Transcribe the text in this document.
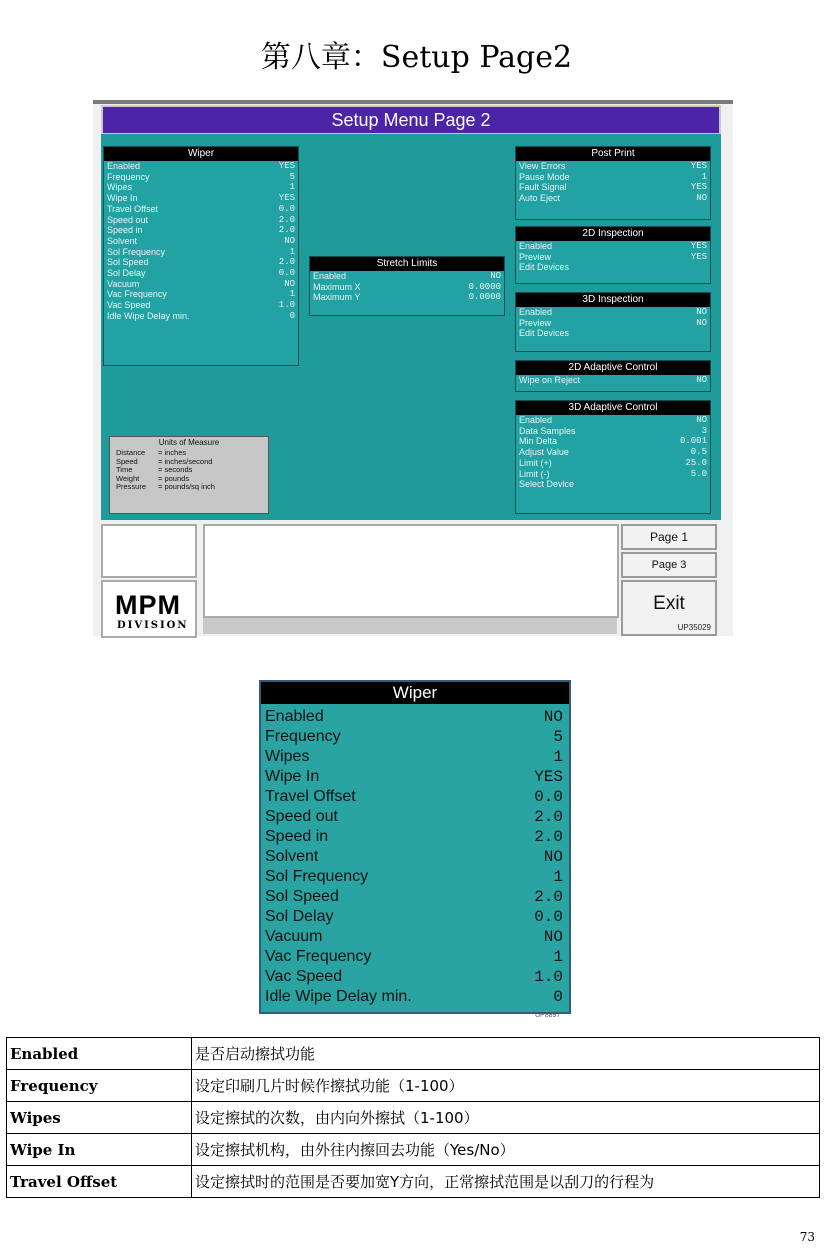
第八章：Setup Page2
Setup Menu Page 2
Wiper
Enabled	YES
Frequency	5
Wipes	1
Wipe In	YES
Travel Offset	0.0
Speed out	2.0
Speed in	2.0
Solvent	NO
Sol Frequency	1
Sol Speed	2.0
Sol Delay	0.0
Vacuum	NO
Vac Frequency	1
Vac Speed	1.0
Idle Wipe Delay min.	0
Stretch Limits
Enabled	NO
Maximum X	0.0000
Maximum Y	0.0000
Post Print
View Errors	YES
Pause Mode	1
Fault Signal	YES
Auto Eject	NO
2D Inspection
Enabled	YES
Preview	YES
Edit Devices
3D Inspection
Enabled	NO
Preview	NO
Edit Devices
2D Adaptive Control
Wipe on Reject	NO
3D Adaptive Control
Enabled	NO
Data Samples	3
Min Delta	0.001
Adjust Value	0.5
Limit (+)	25.0
Limit (-)	5.0
Select Device
Units of Measure
Distance	= inches
Speed	= inches/second
Time	= seconds
Weight	= pounds
Pressure	= pounds/sq inch
MPM
DIVISION
Page 1
Page 3
Exit
UP35029
Wiper
Enabled	NO
Frequency	5
Wipes	1
Wipe In	YES
Travel Offset	0.0
Speed out	2.0
Speed in	2.0
Solvent	NO
Sol Frequency	1
Sol Speed	2.0
Sol Delay	0.0
Vacuum	NO
Vac Frequency	1
Vac Speed	1.0
Idle Wipe Delay min.	0
UP8897
Enabled	是否启动擦拭功能
Frequency	设定印刷几片时候作擦拭功能（1-100）
Wipes	设定擦拭的次数，由内向外擦拭（1-100）
Wipe In	设定擦拭机构，由外往内擦回去功能（Yes/No）
Travel Offset	设定擦拭时的范围是否要加宽Y方向，正常擦拭范围是以刮刀的行程为
73
